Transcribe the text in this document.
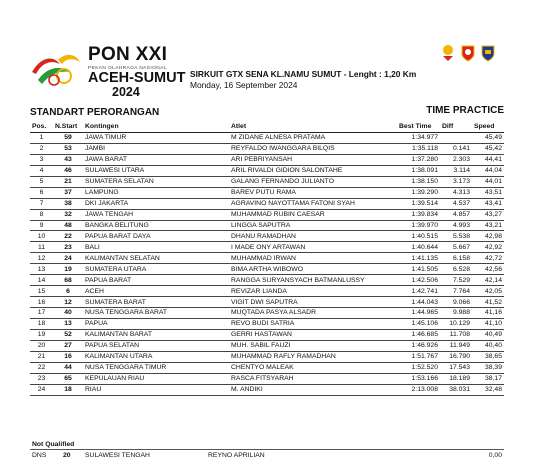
PON XXI
PEKAN OLAHRAGA NASIONAL
ACEH-SUMUT
2024
SIRKUIT GTX SENA KL.NAMU SUMUT - Lenght : 1,20 Km
Monday, 16 September 2024
STANDART PERORANGAN	TIME PRACTICE
Pos.	N.Start	Kontingen	Atlet	Best Time	Diff	Speed
1	59	JAWA TIMUR	M ZIDANE ALNESA PRATAMA	1:34.977		45,49
2	53	JAMBI	REYFALDO IWANGGARA BILQIS	1:35.118	0.141	45,42
3	43	JAWA BARAT	ARI PEBRIYANSAH	1:37.280	2.303	44,41
4	46	SULAWESI UTARA	ARIL RIVALDI GIDION SALONTAHE	1:38.091	3.114	44,04
5	21	SUMATERA SELATAN	GALANG FERNANDO JULIANTO	1:38.150	3.173	44,01
6	37	LAMPUNG	BAREV PUTU RAMA	1:39.290	4.313	43,51
7	38	DKI JAKARTA	AGRAVINO NAYOTTAMA FATONI SYAH	1:39.514	4.537	43,41
8	32	JAWA TENGAH	MUHAMMAD RUBIN CAESAR	1:39.834	4.857	43,27
9	48	BANGKA BELITUNG	LINGGA SAPUTRA	1:39.970	4.993	43,21
10	22	PAPUA BARAT DAYA	DHANU RAMADHAN	1:40.515	5.538	42,98
11	23	BALI	I MADE ONY ARTAWAN	1:40.644	5.667	42,92
12	24	KALIMANTAN SELATAN	MUHAMMAD IRWAN	1:41.135	6.158	42,72
13	19	SUMATERA UTARA	BIMA ARTHA WIBOWO	1:41.505	6.528	42,56
14	68	PAPUA BARAT	RANGGA SURYANSYACH BATMANLUSSY	1:42.506	7.529	42,14
15	6	ACEH	REVIZAR LIANDA	1:42.741	7.764	42,05
16	12	SUMATERA BARAT	VIGIT DWI SAPUTRA	1:44.043	9.066	41,52
17	40	NUSA TENGGARA BARAT	MUQTADA PASYA ALSADR	1:44.965	9.988	41,16
18	13	PAPUA	REVO BUDI SATRIA	1:45.106	10.129	41,10
19	52	KALIMANTAN BARAT	GERRI HASTAWAN	1:46.685	11.708	40,49
20	27	PAPUA SELATAN	MUH. SABIL FAUZI	1:46.926	11.949	40,40
21	16	KALIMANTAN UTARA	MUHAMMAD RAFLY RAMADHAN	1:51.767	16.790	38,65
22	44	NUSA TENGGARA TIMUR	CHENTYO MALEAK	1:52.520	17.543	38,39
23	65	KEPULAUAN RIAU	RASCA FITSYARAH	1:53.166	18.189	38,17
24	18	RIAU	M. ANDIKI	2:13.008	38.031	32,48
Not Qualified
DNS 20 SULAWESI TENGAH	REYNO APRILIAN	0,00
